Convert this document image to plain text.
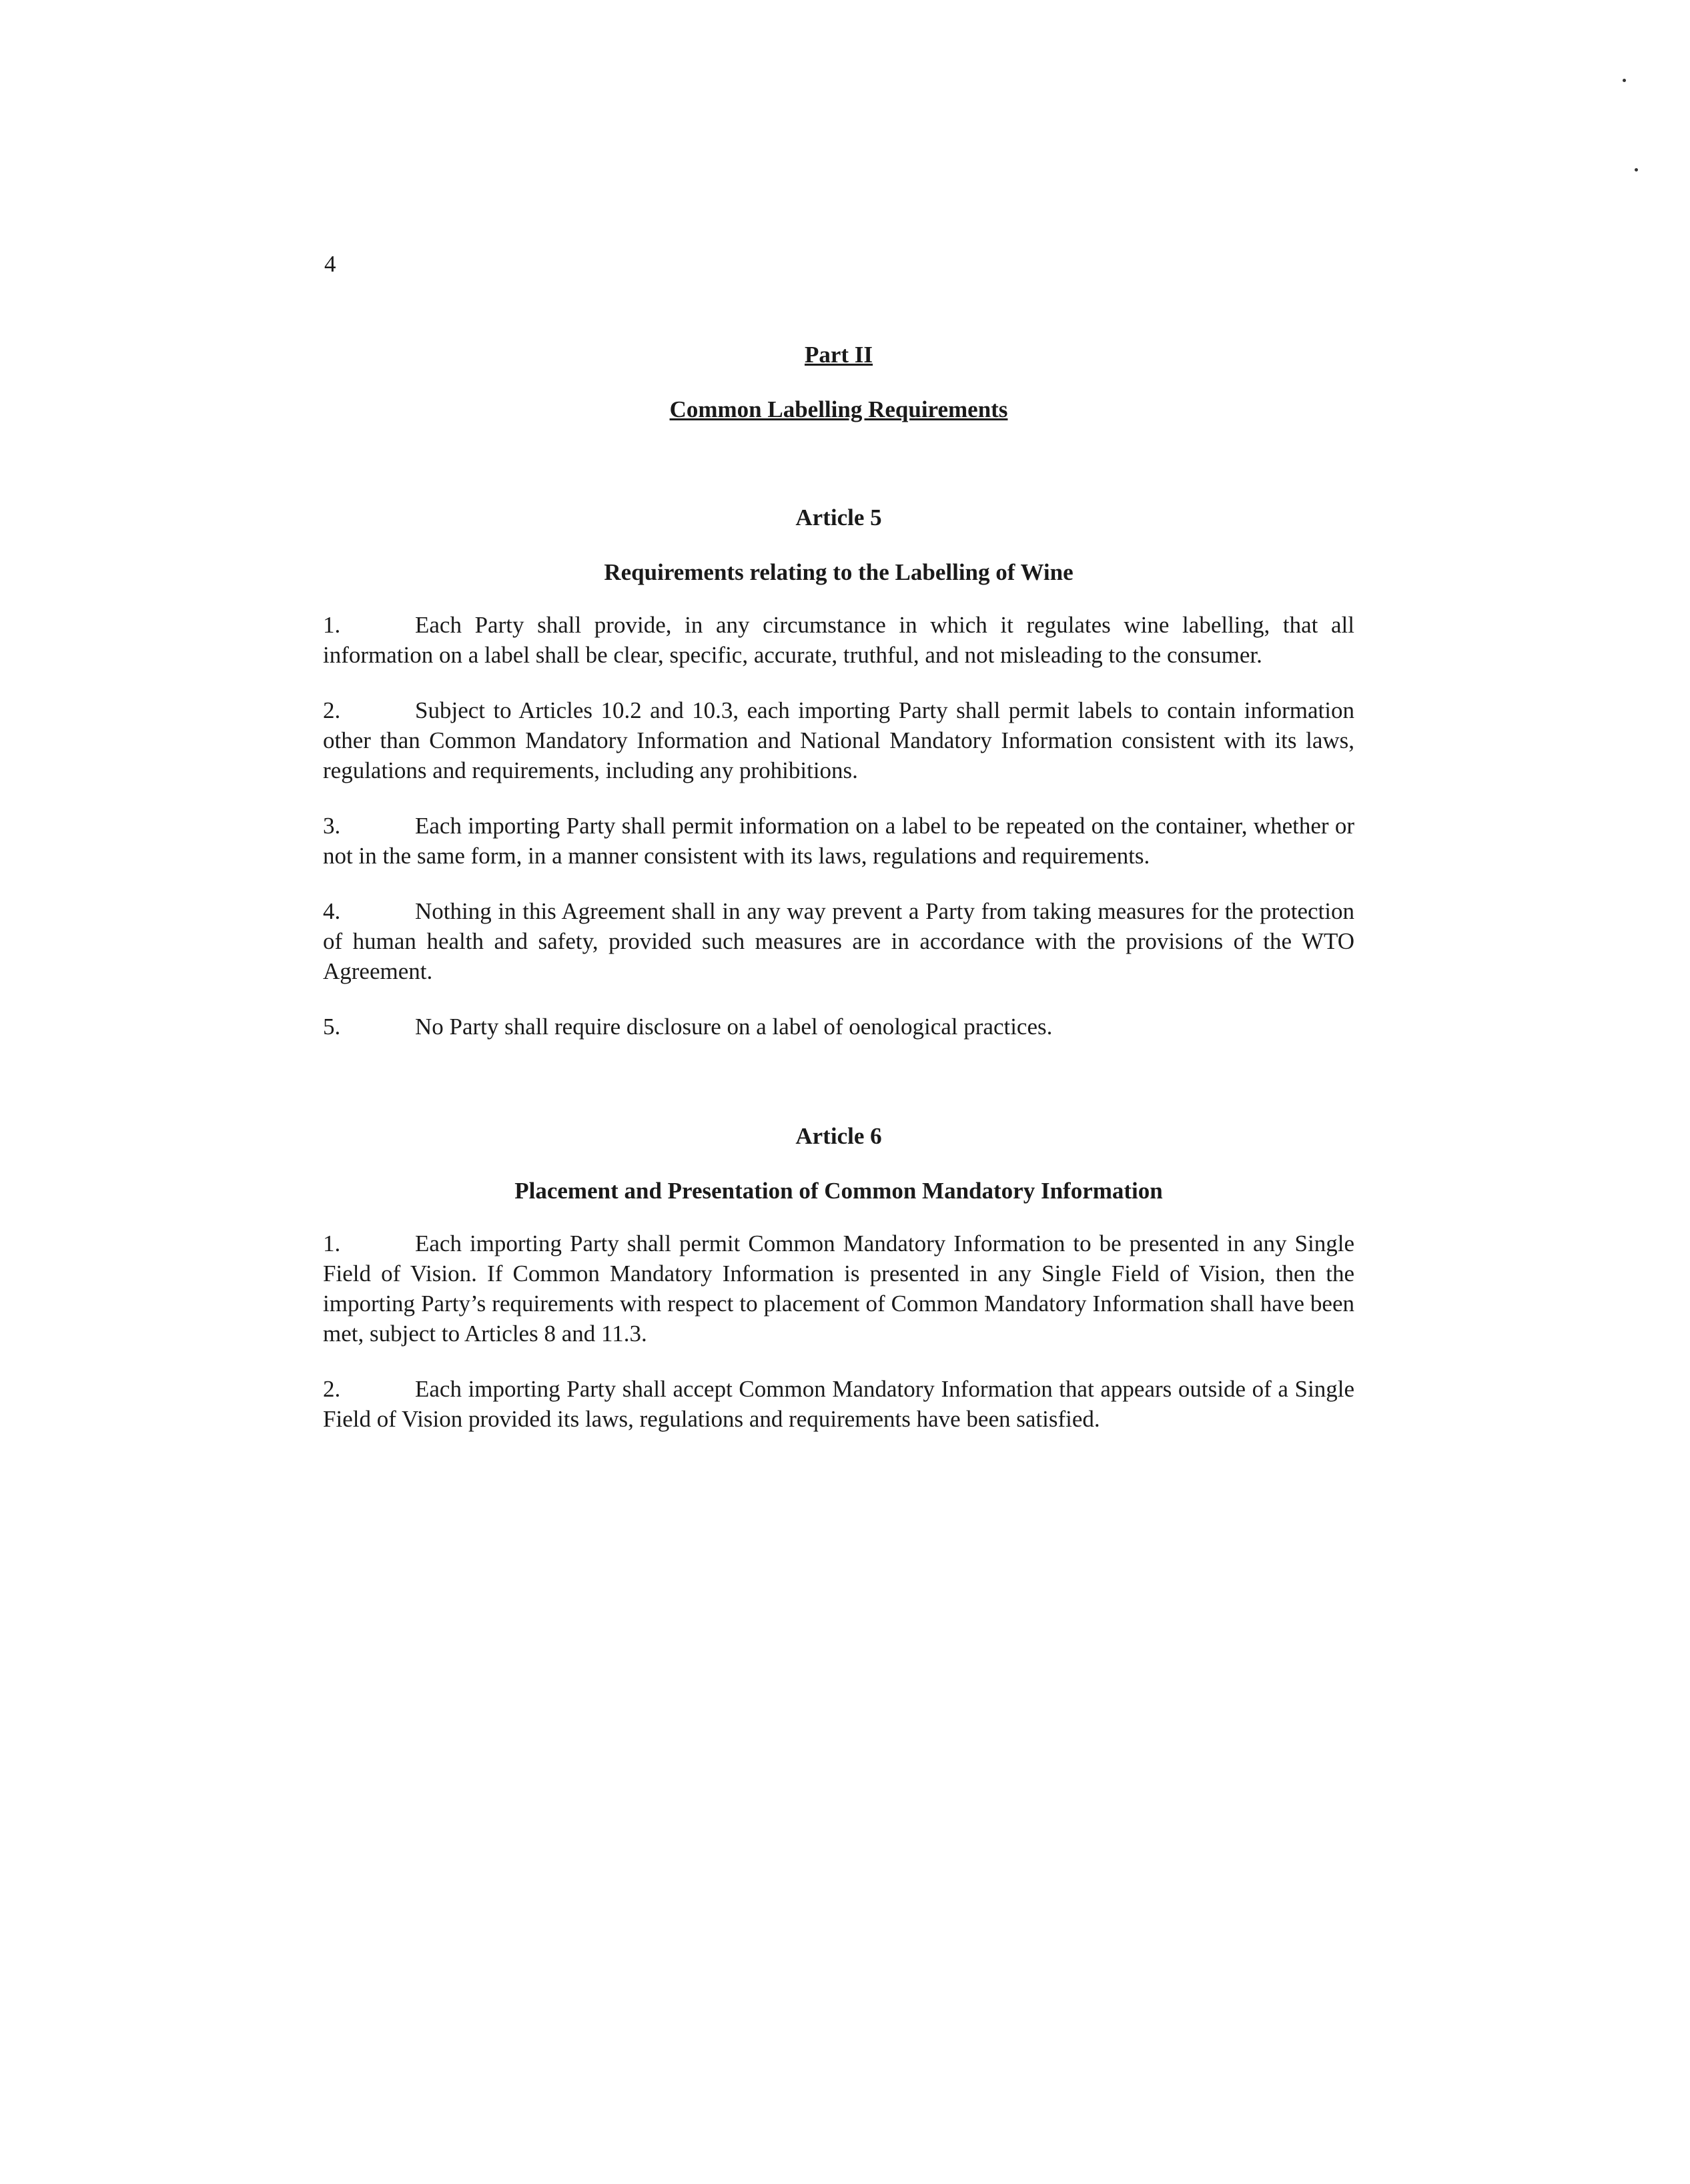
4

Part II

Common Labelling Requirements

Article 5

Requirements relating to the Labelling of Wine

1.	Each Party shall provide, in any circumstance in which it regulates wine labelling, that all information on a label shall be clear, specific, accurate, truthful, and not misleading to the consumer.

2.	Subject to Articles 10.2 and 10.3, each importing Party shall permit labels to contain information other than Common Mandatory Information and National Mandatory Information consistent with its laws, regulations and requirements, including any prohibitions.

3.	Each importing Party shall permit information on a label to be repeated on the container, whether or not in the same form, in a manner consistent with its laws, regulations and requirements.

4.	Nothing in this Agreement shall in any way prevent a Party from taking measures for the protection of human health and safety, provided such measures are in accordance with the provisions of the WTO Agreement.

5.	No Party shall require disclosure on a label of oenological practices.

Article 6

Placement and Presentation of Common Mandatory Information

1.	Each importing Party shall permit Common Mandatory Information to be presented in any Single Field of Vision. If Common Mandatory Information is presented in any Single Field of Vision, then the importing Party’s requirements with respect to placement of Common Mandatory Information shall have been met, subject to Articles 8 and 11.3.

2.	Each importing Party shall accept Common Mandatory Information that appears outside of a Single Field of Vision provided its laws, regulations and requirements have been satisfied.
